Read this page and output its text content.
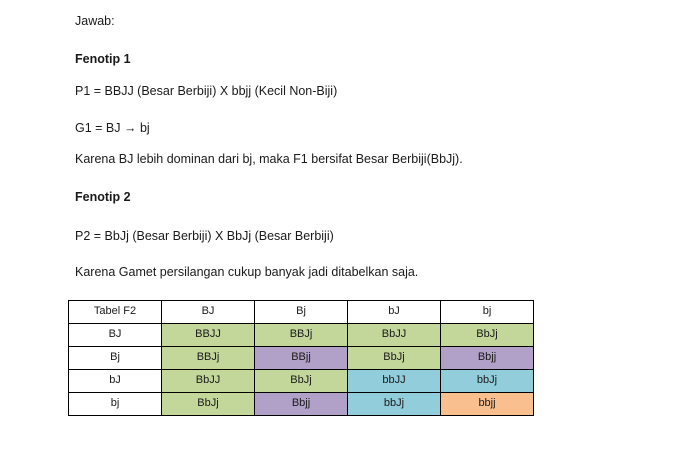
Jawab:
Fenotip 1
P1 = BBJJ (Besar Berbiji) X bbjj (Kecil Non-Biji)
G1 = BJ → bj
Karena BJ lebih dominan dari bj, maka F1 bersifat Besar Berbiji(BbJj).
Fenotip 2
P2 = BbJj (Besar Berbiji) X BbJj (Besar Berbiji)
Karena Gamet persilangan cukup banyak jadi ditabelkan saja.
Tabel F2	BJ	Bj	bJ	bj
BJ	BBJJ	BBJj	BbJJ	BbJj
Bj	BBJj	BBjj	BbJj	Bbjj
bJ	BbJJ	BbJj	bbJJ	bbJj
bj	BbJj	Bbjj	bbJj	bbjj
